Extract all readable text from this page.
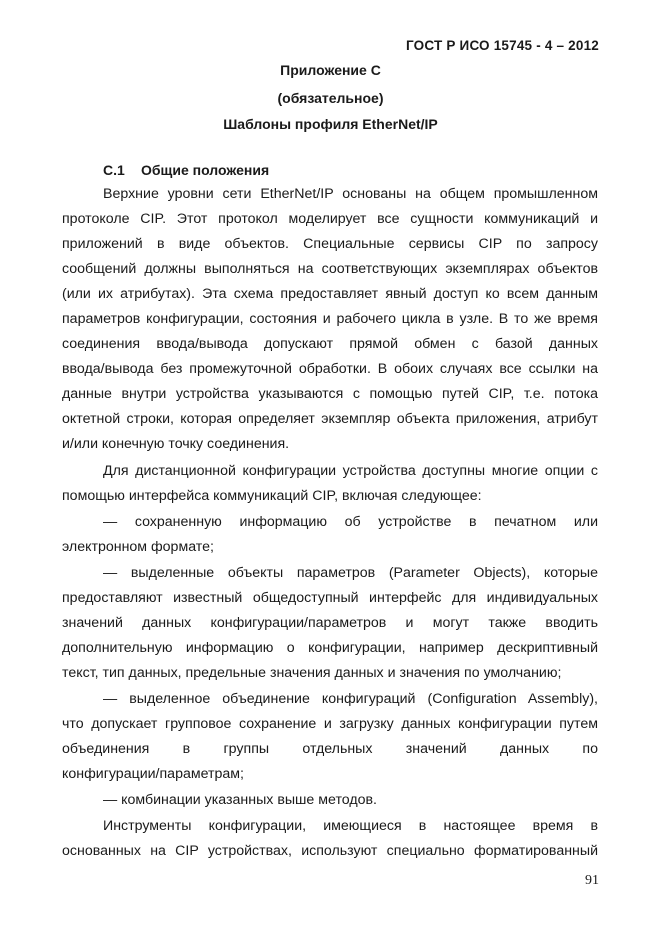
ГОСТ Р ИСО 15745 - 4 – 2012
Приложение С
(обязательное)
Шаблоны профиля EtherNet/IP
С.1 Общие положения
Верхние уровни сети EtherNet/IP основаны на общем промышленном
протоколе CIP. Этот протокол моделирует все сущности коммуникаций и
приложений в виде объектов. Специальные сервисы CIP по запросу
сообщений должны выполняться на соответствующих экземплярах объектов
(или их атрибутах). Эта схема предоставляет явный доступ ко всем данным
параметров конфигурации, состояния и рабочего цикла в узле. В то же время
соединения ввода/вывода допускают прямой обмен с базой данных
ввода/вывода без промежуточной обработки. В обоих случаях все ссылки на
данные внутри устройства указываются с помощью путей CIP, т.е. потока
октетной строки, которая определяет экземпляр объекта приложения, атрибут
и/или конечную точку соединения.
Для дистанционной конфигурации устройства доступны многие опции с
помощью интерфейса коммуникаций CIP, включая следующее:
— сохраненную информацию об устройстве в печатном или
электронном формате;
— выделенные объекты параметров (Parameter Objects), которые
предоставляют известный общедоступный интерфейс для индивидуальных
значений данных конфигурации/параметров и могут также вводить
дополнительную информацию о конфигурации, например дескриптивный
текст, тип данных, предельные значения данных и значения по умолчанию;
— выделенное объединение конфигураций (Configuration Assembly),
что допускает групповое сохранение и загрузку данных конфигурации путем
объединения в группы отдельных значений данных по
конфигурации/параметрам;
— комбинации указанных выше методов.
Инструменты конфигурации, имеющиеся в настоящее время в
основанных на CIP устройствах, используют специально форматированный
91
